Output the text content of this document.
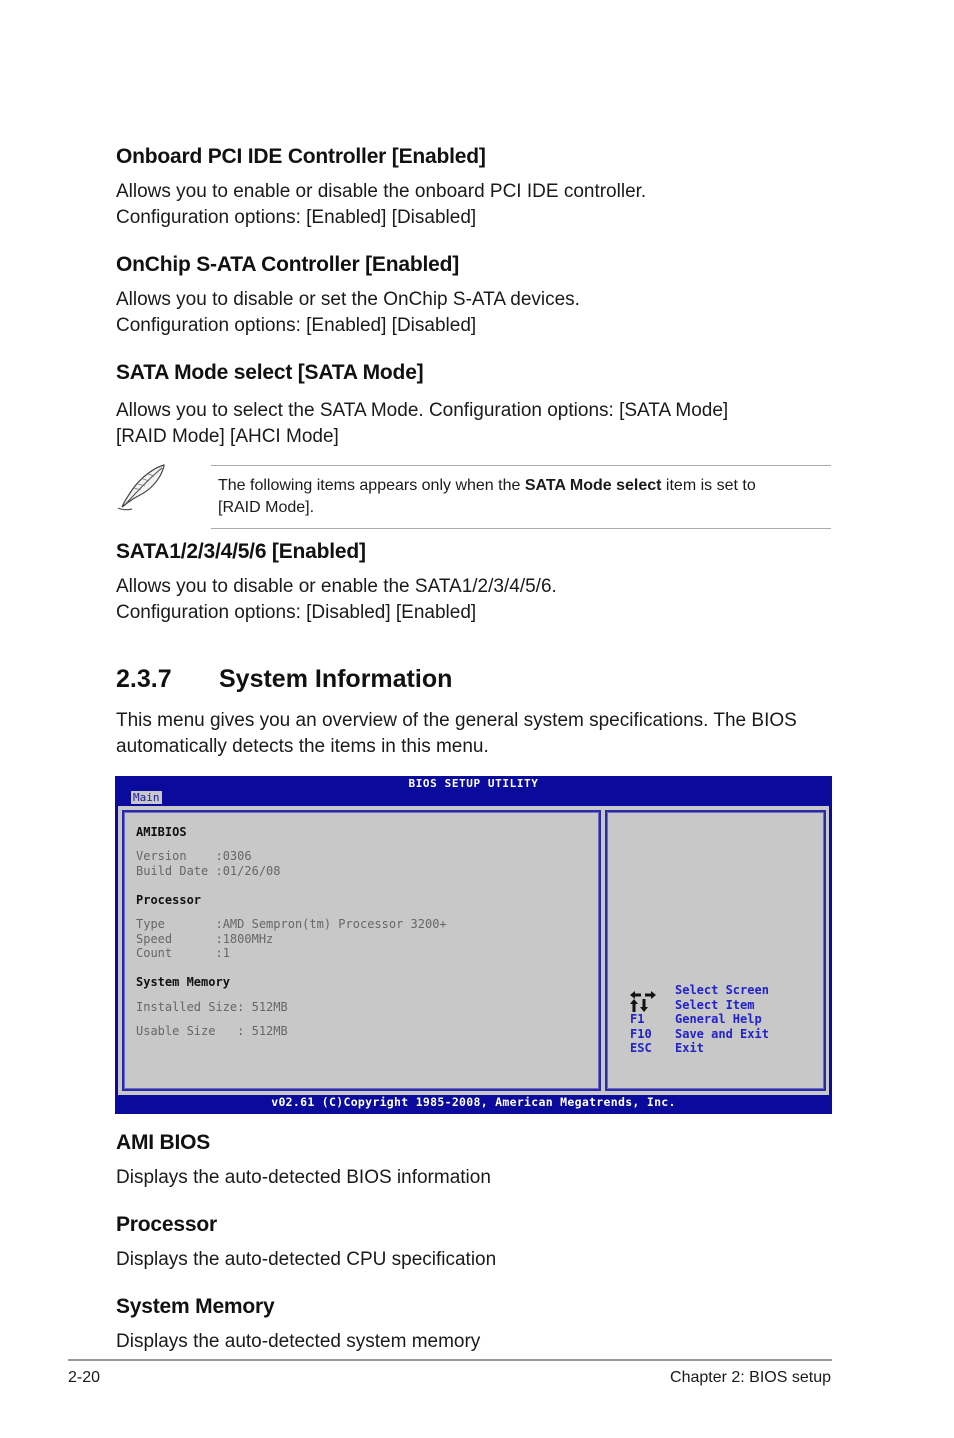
Onboard PCI IDE Controller [Enabled]
Allows you to enable or disable the onboard PCI IDE controller.
Configuration options: [Enabled] [Disabled]
OnChip S-ATA Controller [Enabled]
Allows you to disable or set the OnChip S-ATA devices.
Configuration options: [Enabled] [Disabled]
SATA Mode select [SATA Mode]
Allows you to select the SATA Mode. Configuration options: [SATA Mode]
[RAID Mode] [AHCI Mode]
The following items appears only when the SATA Mode select item is set to
[RAID Mode].
SATA1/2/3/4/5/6 [Enabled]
Allows you to disable or enable the SATA1/2/3/4/5/6.
Configuration options: [Disabled] [Enabled]
2.3.7 System Information
This menu gives you an overview of the general system specifications. The BIOS
automatically detects the items in this menu.
BIOS SETUP UTILITY
Main
AMIBIOS
Version    :0306
Build Date :01/26/08
Processor
Type       :AMD Sempron(tm) Processor 3200+
Speed      :1800MHz
Count      :1
System Memory
Installed Size: 512MB
Usable Size   : 512MB
Select Screen
Select Item
F1	General Help
F10 Save and Exit
ESC Exit
v02.61 (C)Copyright 1985-2008, American Megatrends, Inc.
AMI BIOS
Displays the auto-detected BIOS information
Processor
Displays the auto-detected CPU specification
System Memory
Displays the auto-detected system memory
2-20	Chapter 2: BIOS setup
